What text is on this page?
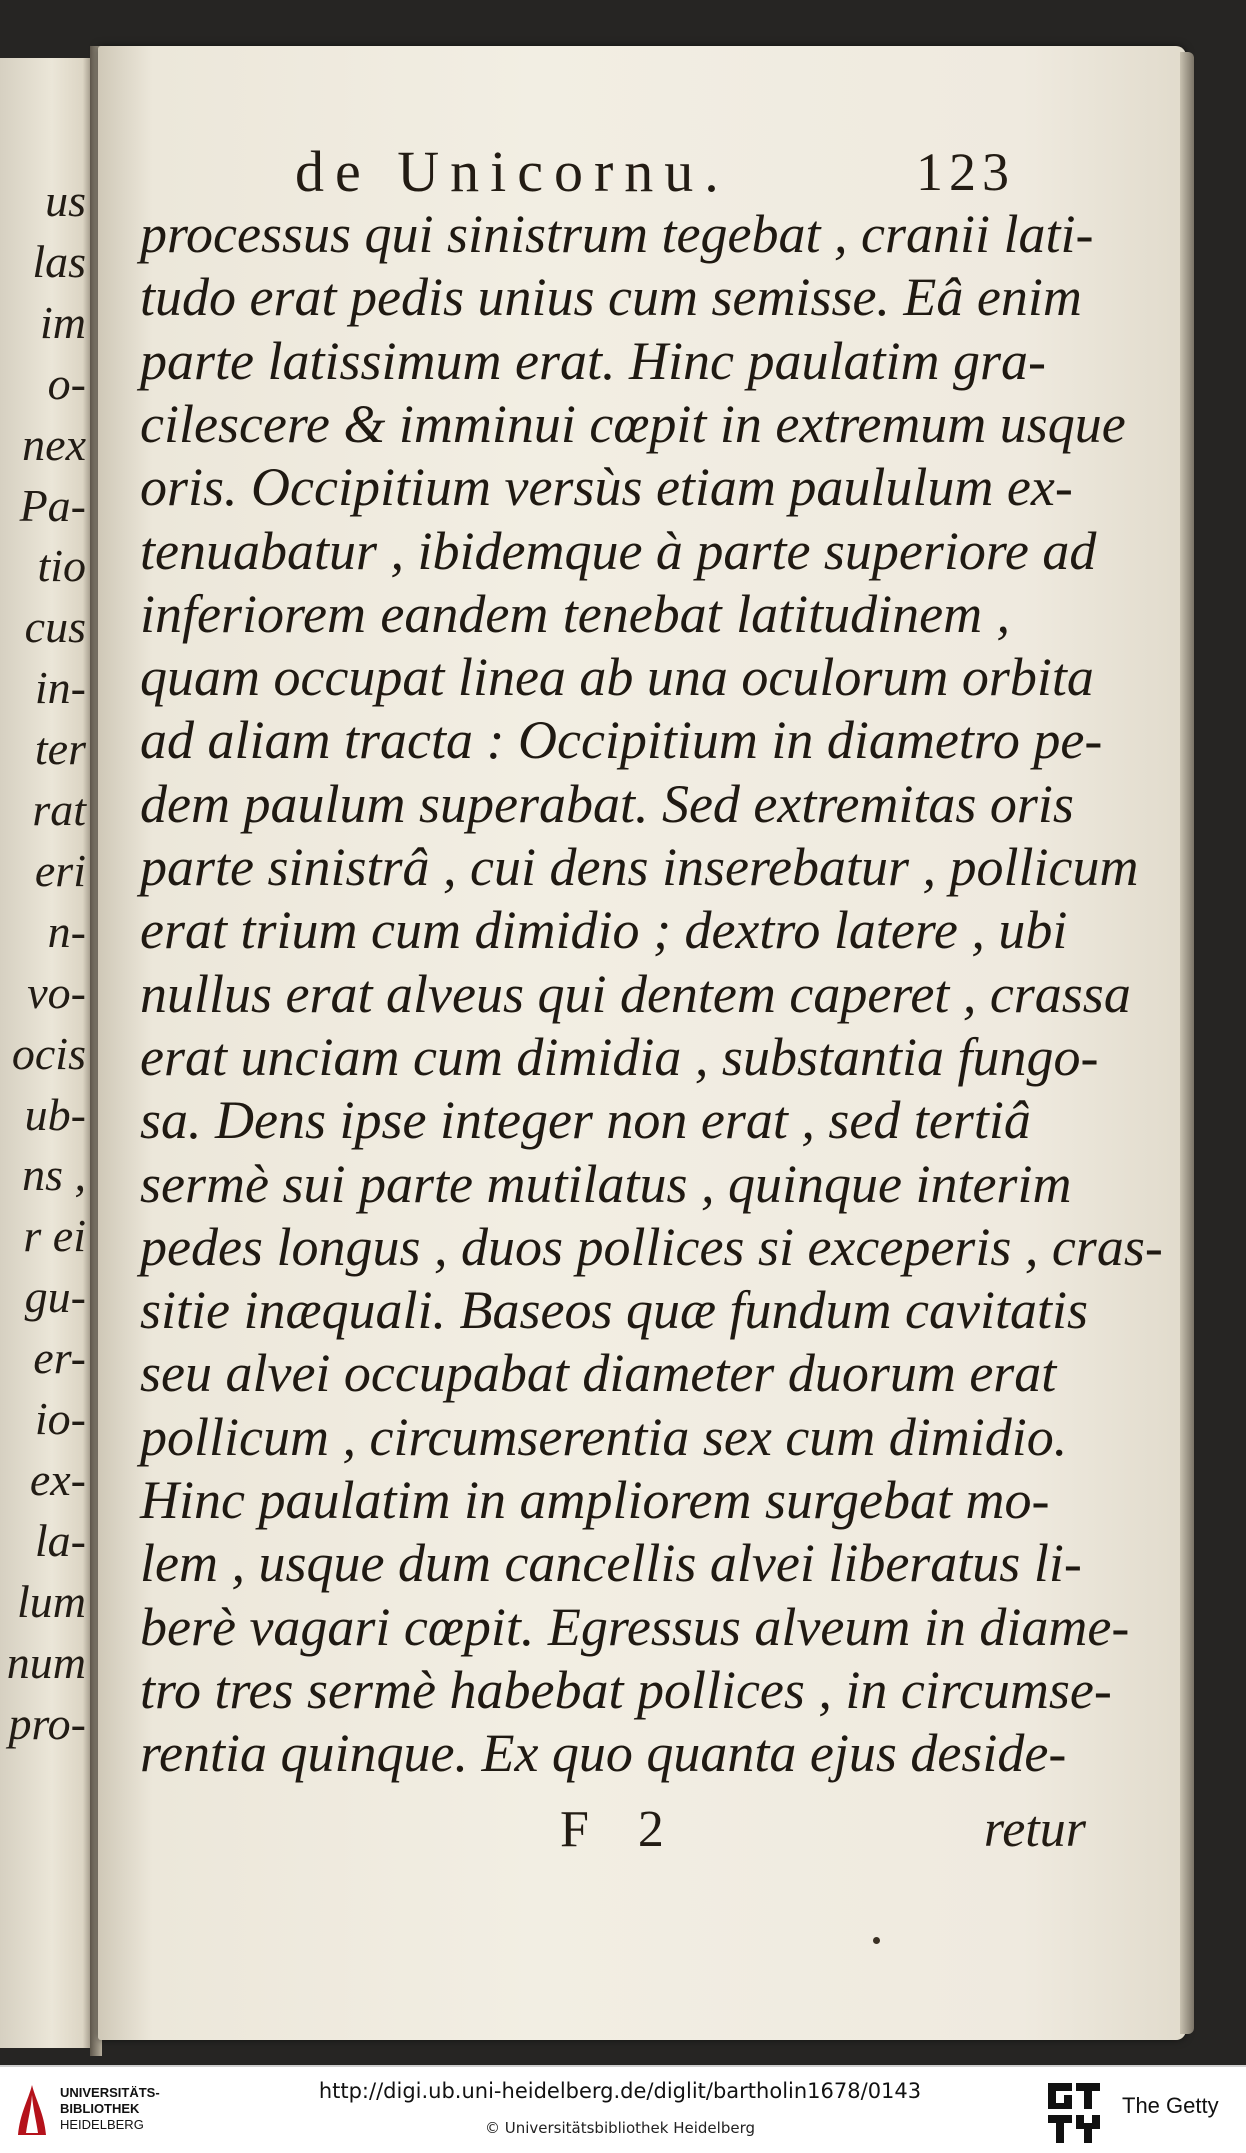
us
las
im
o-
nex
Pa-
tio
cus
in-
ter
rat
eri
n-
vo-
ocis
ub-
ns ,
r ei
gu-
er-
io-
ex-
la-
lum
num
pro-
de Unicornu.	123
processus qui sinistrum tegebat , cranii lati-
tudo erat pedis unius cum semisse. Eâ enim
parte latissimum erat. Hinc paulatim gra-
cilescere & imminui cœpit in extremum usque
oris. Occipitium versùs etiam paululum ex-
tenuabatur , ibidemque à parte superiore ad
inferiorem eandem tenebat latitudinem ,
quam occupat linea ab una oculorum orbita
ad aliam tracta : Occipitium in diametro pe-
dem paulum superabat. Sed extremitas oris
parte sinistrâ , cui dens inserebatur , pollicum
erat trium cum dimidio ; dextro latere , ubi
nullus erat alveus qui dentem caperet , crassa
erat unciam cum dimidia , substantia fungo-
sa. Dens ipse integer non erat , sed tertiâ
sermè sui parte mutilatus , quinque interim
pedes longus , duos pollices si exceperis , cras-
sitie inæquali. Baseos quæ fundum cavitatis
seu alvei occupabat diameter duorum erat
pollicum , circumserentia sex cum dimidio.
Hinc paulatim in ampliorem surgebat mo-
lem , usque dum cancellis alvei liberatus li-
berè vagari cœpit. Egressus alveum in diame-
tro tres sermè habebat pollices , in circumse-
rentia quinque. Ex quo quanta ejus deside-
F 2	retur
UNIVERSITÄTS-
BIBLIOTHEK
HEIDELBERG
http://digi.ub.uni-heidelberg.de/diglit/bartholin1678/0143
© Universitätsbibliothek Heidelberg
The Getty
